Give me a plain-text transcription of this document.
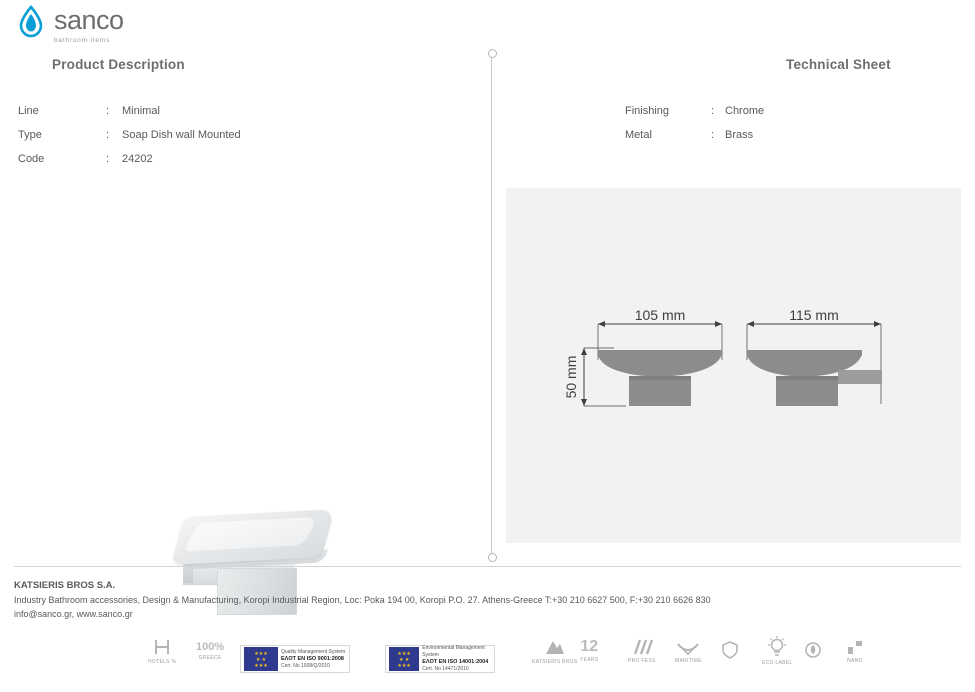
sanco
bathroom items
Product Description	Technical Sheet
Line	: Minimal
Type	: Soap Dish wall Mounted
Code	: 24202
Finishing	: Chrome
Metal	: Brass
105 mm
50 mm
115 mm
KATSIERIS BROS S.A.
Industry Bathroom accessories, Design & Manufacturing, Koropi Industrial Region, Loc: Poka 194 00, Koropi P.O. 27. Athens-Greece T:+30 210 6627 500, F:+30 210 6626 830
info@sanco.gr, www.sanco.gr
HOTELS %
100%
GREECE
★★★
★ ★
★★★
Quality Management System
EΛOT EN ISO 9001:2008
Cert. No 1008/Q/2010
★★★
★ ★
★★★
Environmental Management System
EΛOT EN ISO 14001:2004
Cert. No 14471/2010
KATSIERIS BROS
12
YEARS	PRO FESS	MARITIME	ECO LABEL	NANO
